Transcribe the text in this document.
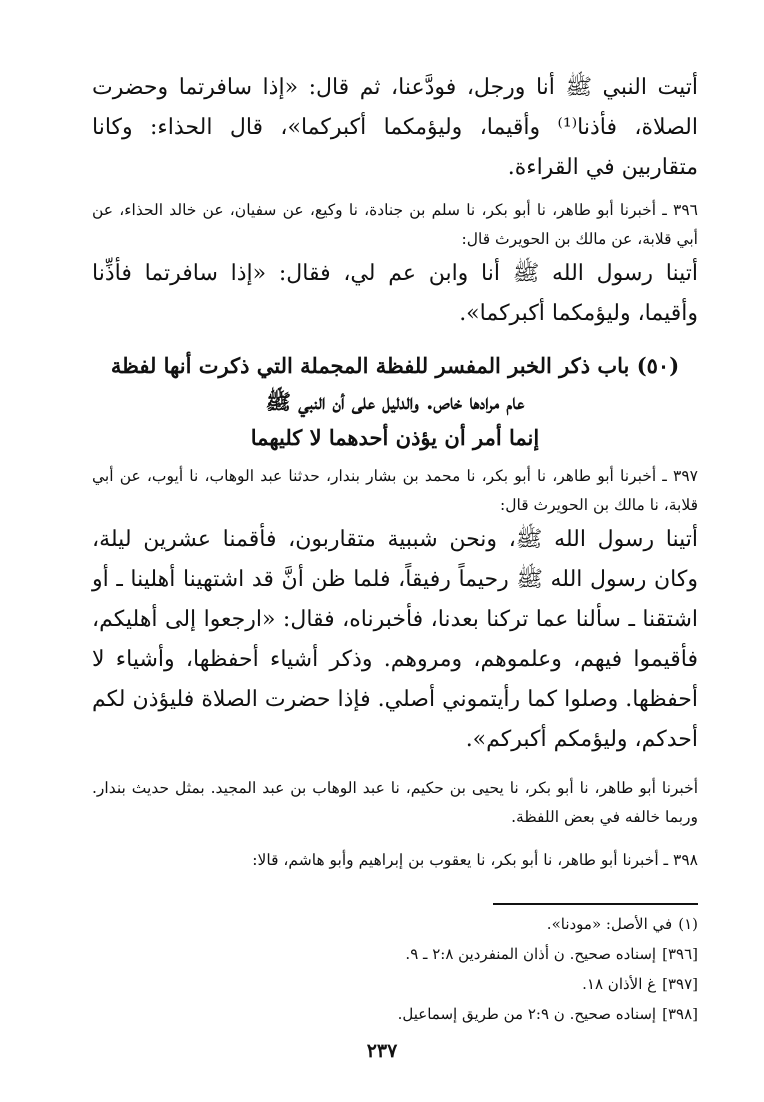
أتيت النبي ﷺ أنا ورجل، فودَّعنا، ثم قال: «إذا سافرتما وحضرت الصلاة، فأذنا⁽¹⁾ وأقيما، وليؤمكما أكبركما»، قال الحذاء: وكانا متقاربين في القراءة.

٣٩٦ ـ أخبرنا أبو طاهر، نا أبو بكر، نا سلم بن جنادة، نا وكيع، عن سفيان، عن خالد الحذاء، عن أبي قلابة، عن مالك بن الحويرث قال:

أتينا رسول الله ﷺ أنا وابن عم لي، فقال: «إذا سافرتما فأذِّنا وأقيما، وليؤمكما أكبركما».

(٥٠) باب ذكر الخبر المفسر للفظة المجملة التي ذكرت أنها لفظة
عام مرادها خاص. والدليل على أن النبي ﷺ
إنما أمر أن يؤذن أحدهما لا كليهما

٣٩٧ ـ أخبرنا أبو طاهر، نا أبو بكر، نا محمد بن بشار بندار، حدثنا عبد الوهاب، نا أيوب، عن أبي قلابة، نا مالك بن الحويرث قال:

أتينا رسول الله ﷺ، ونحن شببية متقاربون، فأقمنا عشرين ليلة، وكان رسول الله ﷺ رحيماً رفيقاً، فلما ظن أنَّ قد اشتهينا أهلينا ـ أو اشتقنا ـ سألنا عما تركنا بعدنا، فأخبرناه، فقال: «ارجعوا إلى أهليكم، فأقيموا فيهم، وعلموهم، ومروهم. وذكر أشياء أحفظها، وأشياء لا أحفظها. وصلوا كما رأيتموني أصلي. فإذا حضرت الصلاة فليؤذن لكم أحدكم، وليؤمكم أكبركم».

أخبرنا أبو طاهر، نا أبو بكر، نا يحيى بن حكيم، نا عبد الوهاب بن عبد المجيد. بمثل حديث بندار. وربما خالفه في بعض اللفظة.

٣٩٨ ـ أخبرنا أبو طاهر، نا أبو بكر، نا يعقوب بن إبراهيم وأبو هاشم، قالا:

(١)في الأصل: «مودنا».

[٣٩٦]إسناده صحيح. ن أذان المنفردين ٢:٨ ـ ٩.

[٣٩٧]غ الأذان ١٨.

[٣٩٨]إسناده صحيح. ن ٢:٩ من طريق إسماعيل.

٢٣٧
